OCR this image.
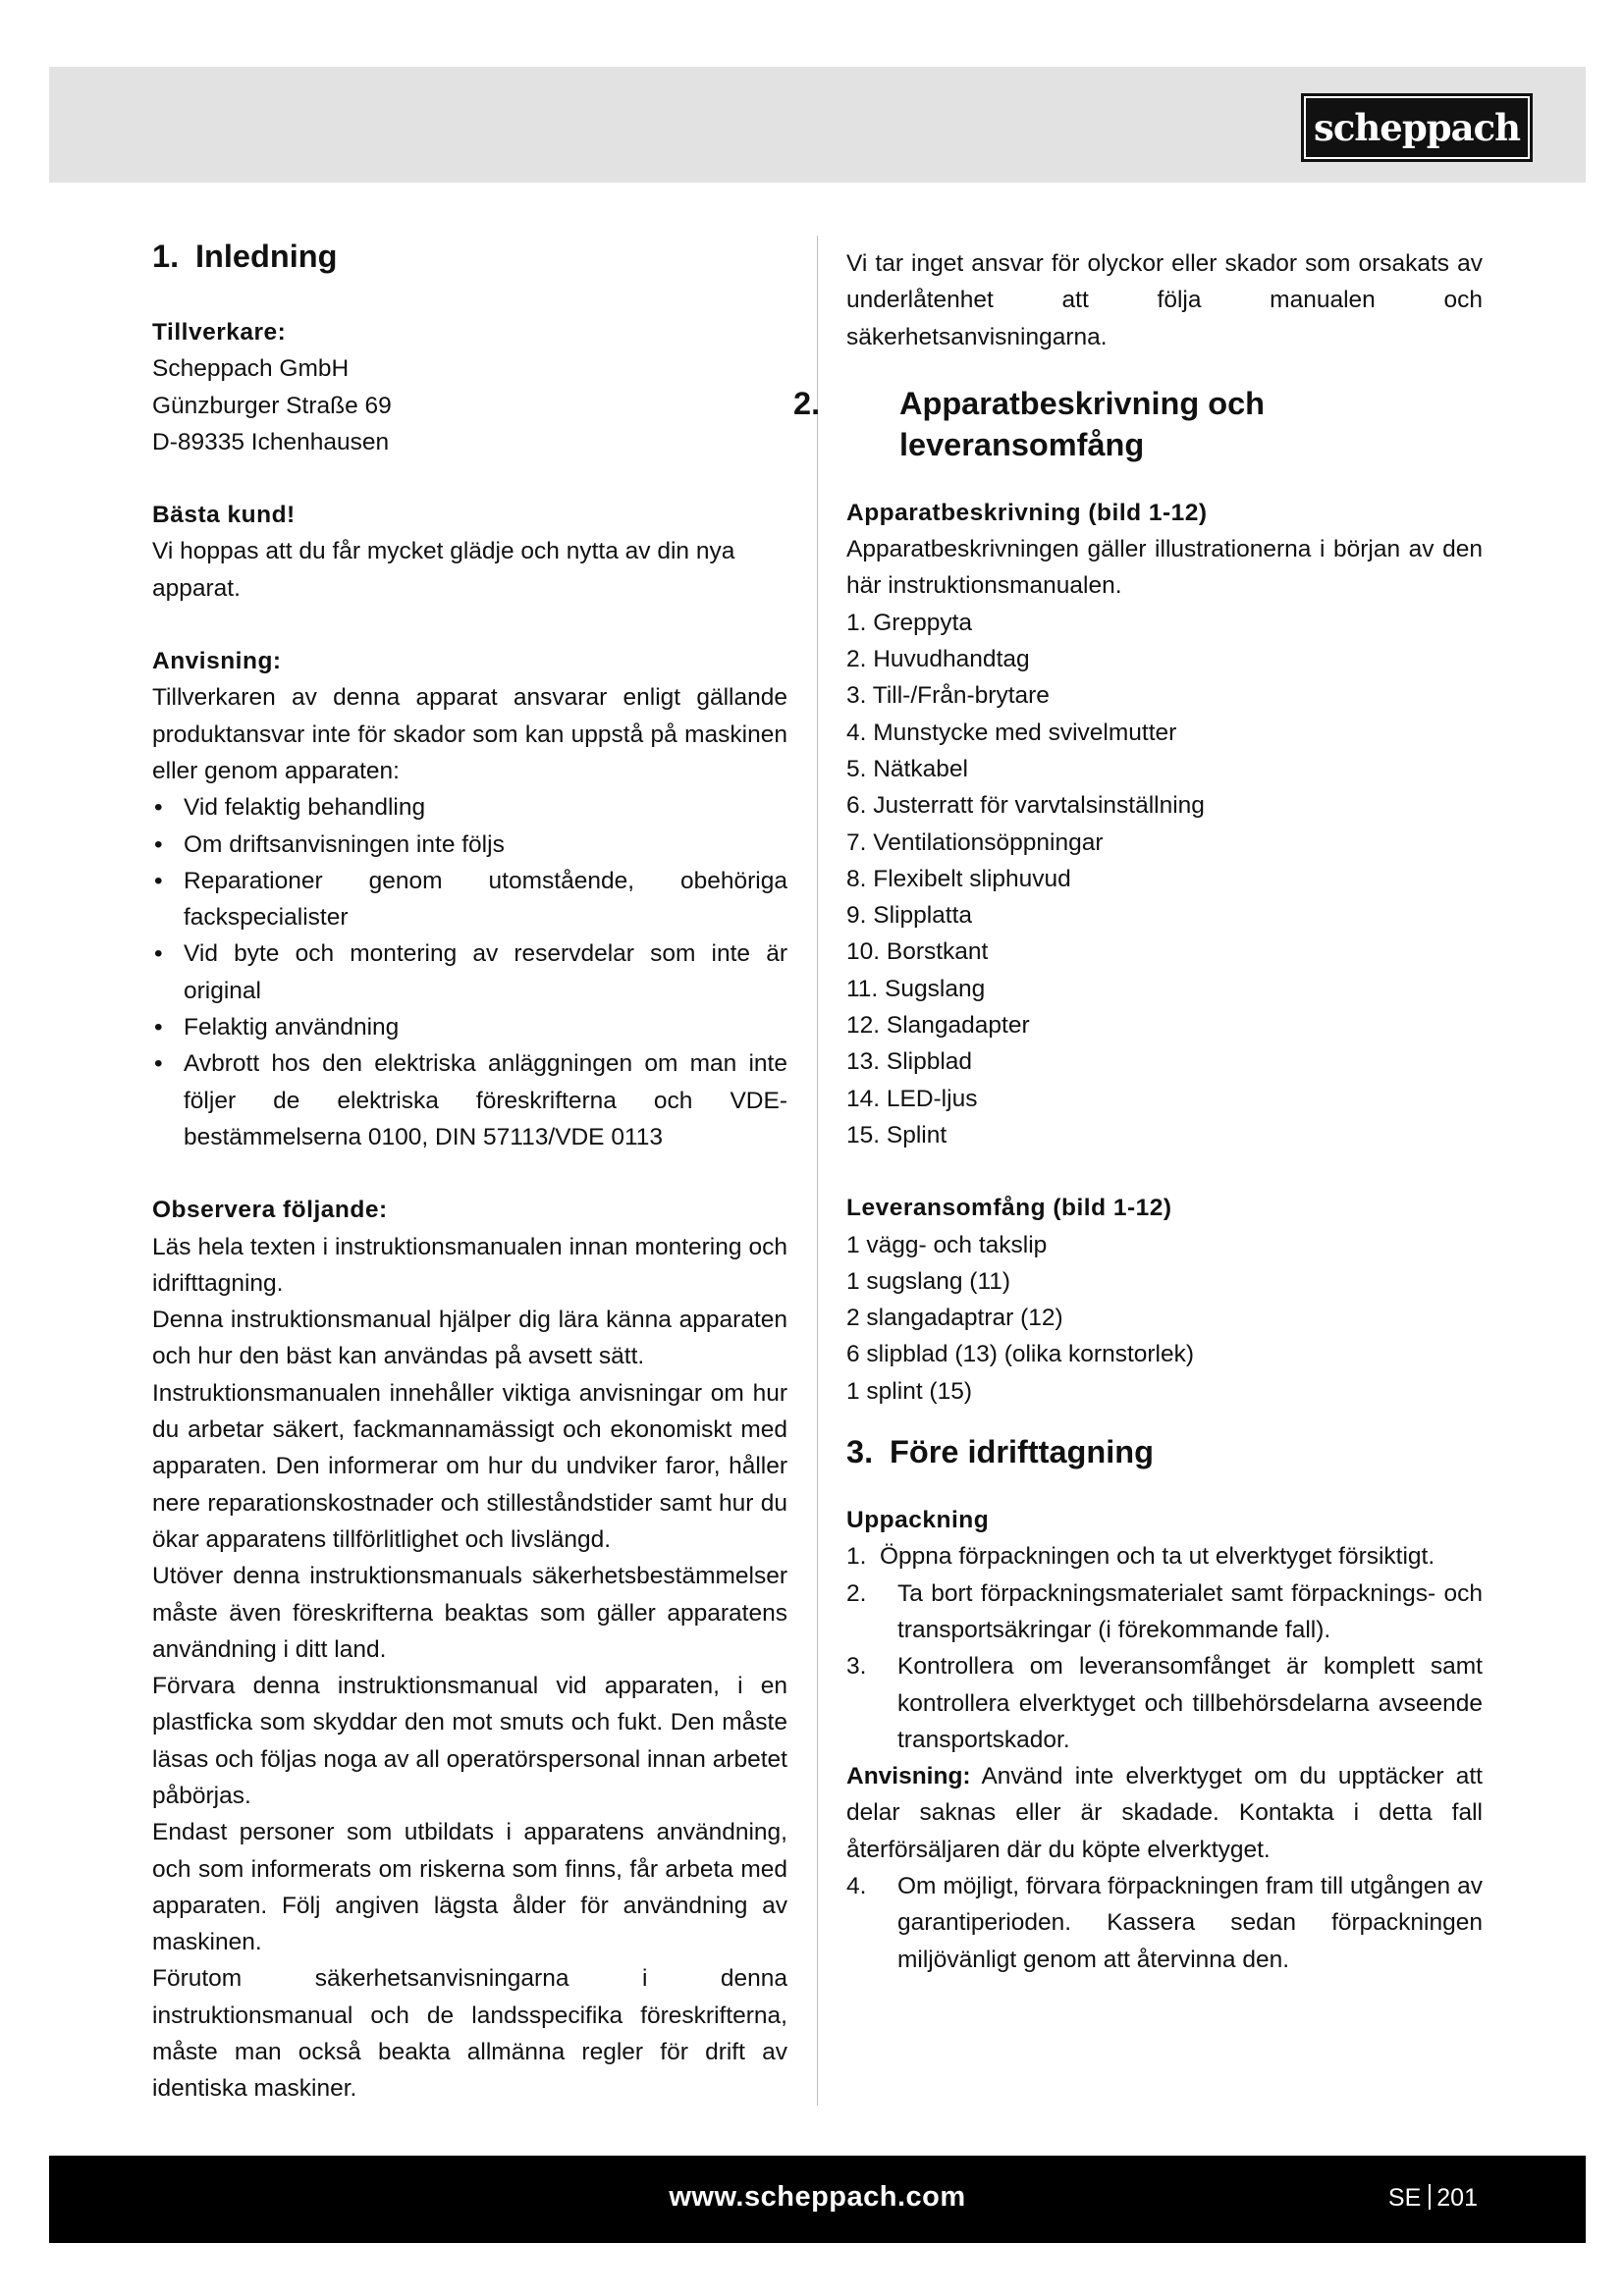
scheppach
1. Inledning

Tillverkare:

Scheppach GmbH

Günzburger Straße 69

D-89335 Ichenhausen

Bästa kund!

Vi hoppas att du får mycket glädje och nytta av din nya apparat.

Anvisning:

Tillverkaren av denna apparat ansvarar enligt gällande produktansvar inte för skador som kan uppstå på maskinen eller genom apparaten:

• Vid felaktig behandling
• Om driftsanvisningen inte följs
• Reparationer genom utomstående, obehöriga fackspecialister
• Vid byte och montering av reservdelar som inte är original
• Felaktig användning
• Avbrott hos den elektriska anläggningen om man inte följer de elektriska föreskrifterna och VDE-bestämmelserna 0100, DIN 57113/VDE 0113

Observera följande:

Läs hela texten i instruktionsmanualen innan montering och idrifttagning.

Denna instruktionsmanual hjälper dig lära känna apparaten och hur den bäst kan användas på avsett sätt.

Instruktionsmanualen innehåller viktiga anvisningar om hur du arbetar säkert, fackmannamässigt och ekonomiskt med apparaten. Den informerar om hur du undviker faror, håller nere reparationskostnader och stilleståndstider samt hur du ökar apparatens tillförlitlighet och livslängd.

Utöver denna instruktionsmanuals säkerhetsbestämmelser måste även föreskrifterna beaktas som gäller apparatens användning i ditt land.

Förvara denna instruktionsmanual vid apparaten, i en plastficka som skyddar den mot smuts och fukt. Den måste läsas och följas noga av all operatörspersonal innan arbetet påbörjas.

Endast personer som utbildats i apparatens användning, och som informerats om riskerna som finns, får arbeta med apparaten. Följ angiven lägsta ålder för användning av maskinen.

Förutom säkerhetsanvisningarna i denna instruktionsmanual och de landsspecifika föreskrifterna, måste man också beakta allmänna regler för drift av identiska maskiner.

Vi tar inget ansvar för olyckor eller skador som orsakats av underlåtenhet att följa manualen och säkerhetsanvisningarna.

2. Apparatbeskrivning och leveransomfång

Apparatbeskrivning (bild 1-12)

Apparatbeskrivningen gäller illustrationerna i början av den här instruktionsmanualen.

1. Greppyta
2. Huvudhandtag
3. Till-/Från-brytare
4. Munstycke med svivelmutter
5. Nätkabel
6. Justerratt för varvtalsinställning
7. Ventilationsöppningar
8. Flexibelt sliphuvud
9. Slipplatta
10. Borstkant
11. Sugslang
12. Slangadapter
13. Slipblad
14. LED-ljus
15. Splint

Leveransomfång (bild 1-12)

1 vägg- och takslip
1 sugslang (11)
2 slangadaptrar (12)
6 slipblad (13) (olika kornstorlek)
1 splint (15)
3. Före idrifttagning

Uppackning

1. Öppna förpackningen och ta ut elverktyget försiktigt.
2. Ta bort förpackningsmaterialet samt förpacknings- och transportsäkringar (i förekommande fall).
3. Kontrollera om leveransomfånget är komplett samt kontrollera elverktyget och tillbehörsdelarna avseende transportskador.

Anvisning: Använd inte elverktyget om du upptäcker att delar saknas eller är skadade. Kontakta i detta fall återförsäljaren där du köpte elverktyget.

4. Om möjligt, förvara förpackningen fram till utgången av garantiperioden. Kassera sedan förpackningen miljövänligt genom att återvinna den.
www.scheppach.com	SE 201
